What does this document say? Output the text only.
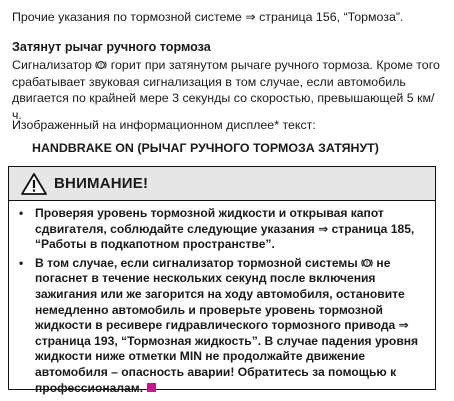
Прочие указания по тормозной системе ⇒ страница 156, “Тормоза”.

Затянут рычаг ручного тормоза

Сигнализатор ! горит при затянутом рычаге ручного тормоза. Кроме того срабатывает звуковая сигнализация в том случае, если автомобиль двигается по крайней мере 3 секунды со скоростью, превышающей 5 км/ч.

Изображенный на информационном дисплее* текст:

HANDBRAKE ON (РЫЧАГ РУЧНОГО ТОРМОЗА ЗАТЯНУТ)

ВНИМАНИЕ!
• Проверяя уровень тормозной жидкости и открывая капот сдвигателя, соблюдайте следующие указания ⇒ страница 185, “Работы в подкапотном пространстве”.
• В том случае, если сигнализатор тормозной системы ! не погаснет в течение нескольких секунд после включения зажигания или же загорится на ходу автомобиля, остановите немедленно автомобиль и проверьте уровень тормозной жидкости в ресивере гидравлического тормозного привода ⇒ страница 193, “Тормозная жидкость”. В случае падения уровня жидкости ниже отметки MIN не продолжайте движение автомобиля – опасность аварии! Обратитесь за помощью к профессионалам.
